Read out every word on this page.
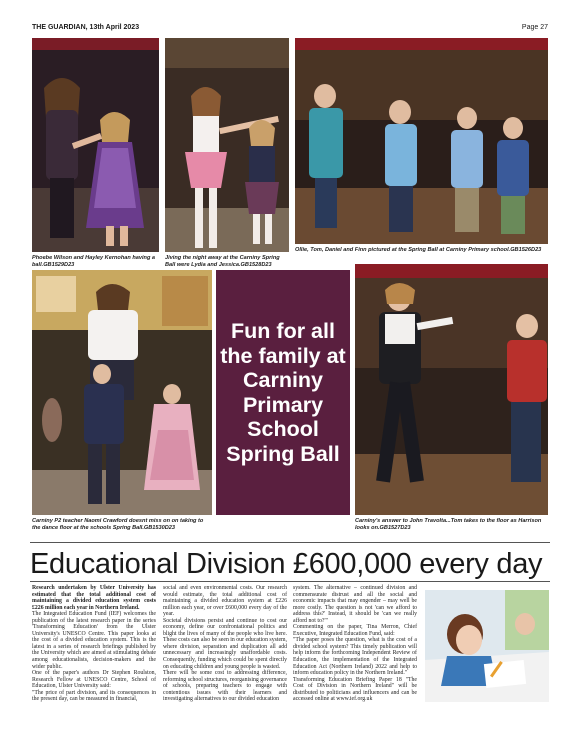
THE GUARDIAN, 13th April 2023	Page 27
Phoebe Wilson and Hayley Kernohan having a ball.GB1529D23
Jiving the night away at the Carniny Spring Ball were Lydia and Jessica.GB1528D23
Ollie, Tom, Daniel and Finn pictured at the Spring Ball at Carniny Primary school.GB1526D23
Fun for all the family at Carniny Primary School Spring Ball
Carniny P2 teacher Naomi Crawford doesnt miss on on taking to the dance floor at the schools Spring Ball.GB1530D23
Carniny's answer to John Travolta...Tom takes to the floor as Harrison looks on.GB1527D23
Educational Division £600,000 every day

Research undertaken by Ulster University has estimated that the total additional cost of maintaining a divided education system costs £226 million each year in Northern Ireland.

The Integrated Education Fund (IEF) welcomes the publication of the latest research paper in the series 'Transforming Education' from the Ulster University's UNESCO Centre. This paper looks at the cost of a divided education system. This is the latest in a series of research briefings published by the University which are aimed at stimulating debate among educationalists, decision-makers and the wider public.

One of the paper's authors Dr Stephen Roulston, Research Fellow at UNESCO Centre, School of Education, Ulster University said:

"The price of part division, and its consequences in the present day, can be measured in financial,

social and even environmental costs. Our research would estimate, the total additional cost of maintaining a divided education system at £226 million each year, or over £600,000 every day of the year.

Societal divisions persist and continue to cost our economy, define our confrontational politics and blight the lives of many of the people who live here. These costs can also be seen in our education system, where division, separation and duplication all add unnecessary and increasingly unaffordable costs. Consequently, funding which could be spent directly on educating children and young people is wasted.

There will be some cost to addressing difference, reforming school structures, reorganising governance of schools, preparing teachers to engage with contentious issues with their learners and investigating alternatives to our divided education

system. The alternative – continued division and commensurate distrust and all the social and economic impacts that may engender – may well be more costly. The question is not 'can we afford to address this?' Instead, it should be 'can we really afford not to?'"

Commenting on the paper, Tina Merron, Chief Executive, Integrated Education Fund, said:

"The paper poses the question, what is the cost of a divided school system? This timely publication will help inform the forthcoming Independent Review of Education, the implementation of the Integrated Education Act (Northern Ireland) 2022 and help to inform education policy in the Northern Ireland."

Transforming Education Briefing Paper 18 "The Cost of Division in Northern Ireland" will be distributed to politicians and influencers and can be accessed online at www.ief.org.uk
